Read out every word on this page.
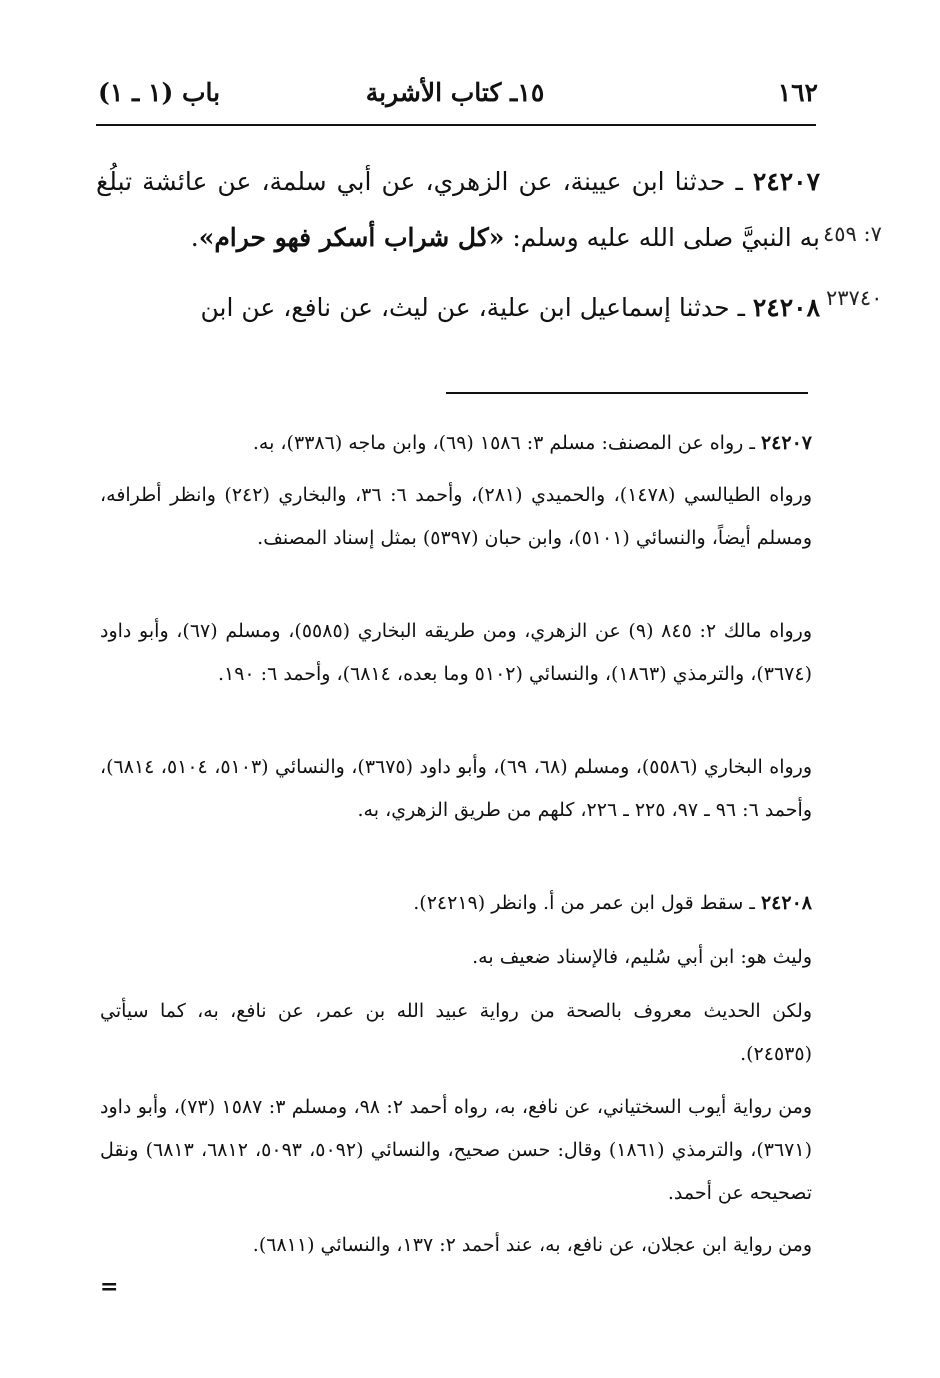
١٦٢
١٥ـ كتاب الأشربة
باب (١ ـ ١)
٢٤٢٠٧ ـ حدثنا ابن عيينة، عن الزهري، عن أبي سلمة، عن عائشة تبلُغ به النبيَّ صلى الله عليه وسلم: «كل شراب أسكر فهو حرام».	٧: ٤٥٩
٢٤٢٠٨ ـ حدثنا إسماعيل ابن علية، عن ليث، عن نافع، عن ابن	٢٣٧٤٠
٢٤٢٠٧ ـ رواه عن المصنف: مسلم ٣: ١٥٨٦ (٦٩)، وابن ماجه (٣٣٨٦)، به.
ورواه الطيالسي (١٤٧٨)، والحميدي (٢٨١)، وأحمد ٦: ٣٦، والبخاري (٢٤٢) وانظر أطرافه، ومسلم أيضاً، والنسائي (٥١٠١)، وابن حبان (٥٣٩٧) بمثل إسناد المصنف.
ورواه مالك ٢: ٨٤٥ (٩) عن الزهري، ومن طريقه البخاري (٥٥٨٥)، ومسلم (٦٧)، وأبو داود (٣٦٧٤)، والترمذي (١٨٦٣)، والنسائي (٥١٠٢ وما بعده، ٦٨١٤)، وأحمد ٦: ١٩٠.
ورواه البخاري (٥٥٨٦)، ومسلم (٦٨، ٦٩)، وأبو داود (٣٦٧٥)، والنسائي (٥١٠٣، ٥١٠٤، ٦٨١٤)، وأحمد ٦: ٩٦ ـ ٩٧، ٢٢٥ ـ ٢٢٦، كلهم من طريق الزهري، به.
٢٤٢٠٨ ـ سقط قول ابن عمر من أ. وانظر (٢٤٢١٩).
وليث هو: ابن أبي سُليم، فالإسناد ضعيف به.
ولكن الحديث معروف بالصحة من رواية عبيد الله بن عمر، عن نافع، به، كما سيأتي (٢٤٥٣٥).
ومن رواية أيوب السختياني، عن نافع، به، رواه أحمد ٢: ٩٨، ومسلم ٣: ١٥٨٧ (٧٣)، وأبو داود (٣٦٧١)، والترمذي (١٨٦١) وقال: حسن صحيح، والنسائي (٥٠٩٢، ٥٠٩٣، ٦٨١٢، ٦٨١٣) ونقل تصحيحه عن أحمد.
ومن رواية ابن عجلان، عن نافع، به، عند أحمد ٢: ١٣٧، والنسائي (٦٨١١).
=
